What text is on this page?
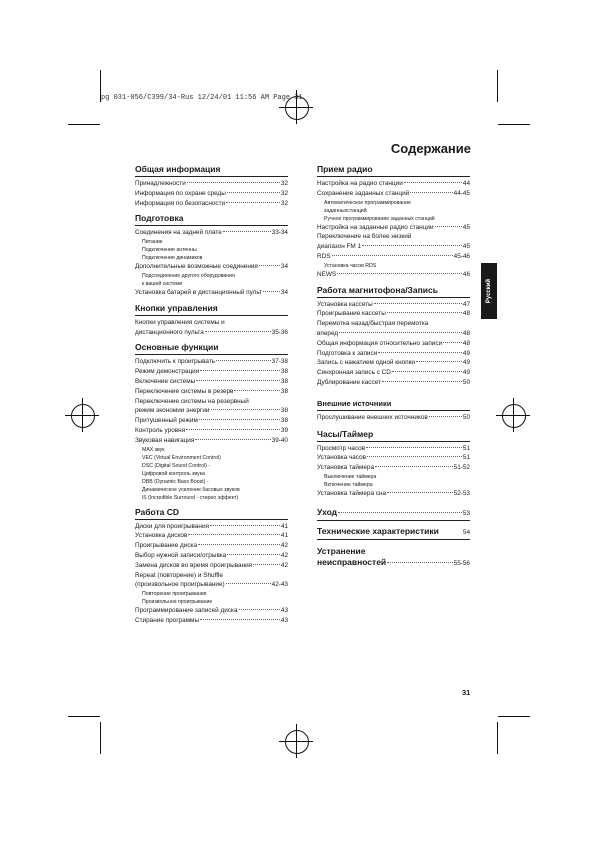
pg 031-056/C399/34-Rus 12/24/01 11:56 AM Page 31
Содержание
Русский
31
Общая информация
Принадлежности	32
Информация по охране среды	32
Информация по безопасности	32
Подготовка
Соединения на задней плате	33-34
Питание
Подключение антенны
Подключение динамиков
Дополнительные возможные соединения	34
Подсоединение другого оборудования
к вашей системе
Установка батарей в дистанционный пульт	34
Кнопки управления
Кнопки управления системы и
дистанционного пульта	35-36
Основные функции
Подключить к проигрывать	37-38
Режим демонстрации	38
Включение системы	38
Переключение системы в резерв	38
Переключение системы на резервный
режим экономии энергии	38
Притушенный режим	38
Контроль уровня	39
Звуковая навигация	39-40
MAX звук
VEC (Virtual Environment Control)
DSC (Digital Sound Control) -
Цифровой контроль звука
DBB (Dynamic Bass Boost) -
Динамическое усиление басовых звуков
iS (Incredible Surround - стерео эффект)
Работа CD
Диски для проигрывания	41
Установка дисков	41
Проигрывание диска	42
Выбор нужной записи/отрывка	42
Замена дисков во время проигрывания	42
Repeat (повторение) и Shuffle
(произвольное проигрывание)	42-43
Повторение проигрывания
Произвольное проигрывание
Программирование записей диска	43
Стирание программы	43
Прием радио
Настройка на радио станции	44
Сохранение заданных станций	44-45
Автоматическое программирование
заданныхстанций
Ручное программирование заданных станций
Настройка на заданные радио станции	45
Переключение на более низкий
диапазон FM 1	45
RDS	45-46
Установка часов RDS
NEWS	46
Работа магнитофона/Запись
Установка кассеты	47
Проигрывание кассеты	48
Перемотка назад/быстрая перемотка
вперед	48
Общая информация относительно записи	48
Подготовка к записи	49
Запись с нажатием одной кнопки	49
Синхронная запись с CD	49
Дублирование кассет	50
Внешние источники
Прослушивание внешних источников	50
Часы/Таймер
Просмотр часов	51
Установка часов	51
Установка таймера	51-52
Выключение таймера
Включение таймера
Установка таймера сна	52-53
Уход	53
Технические характеристики	54
Устранение
неисправностей	55-56
